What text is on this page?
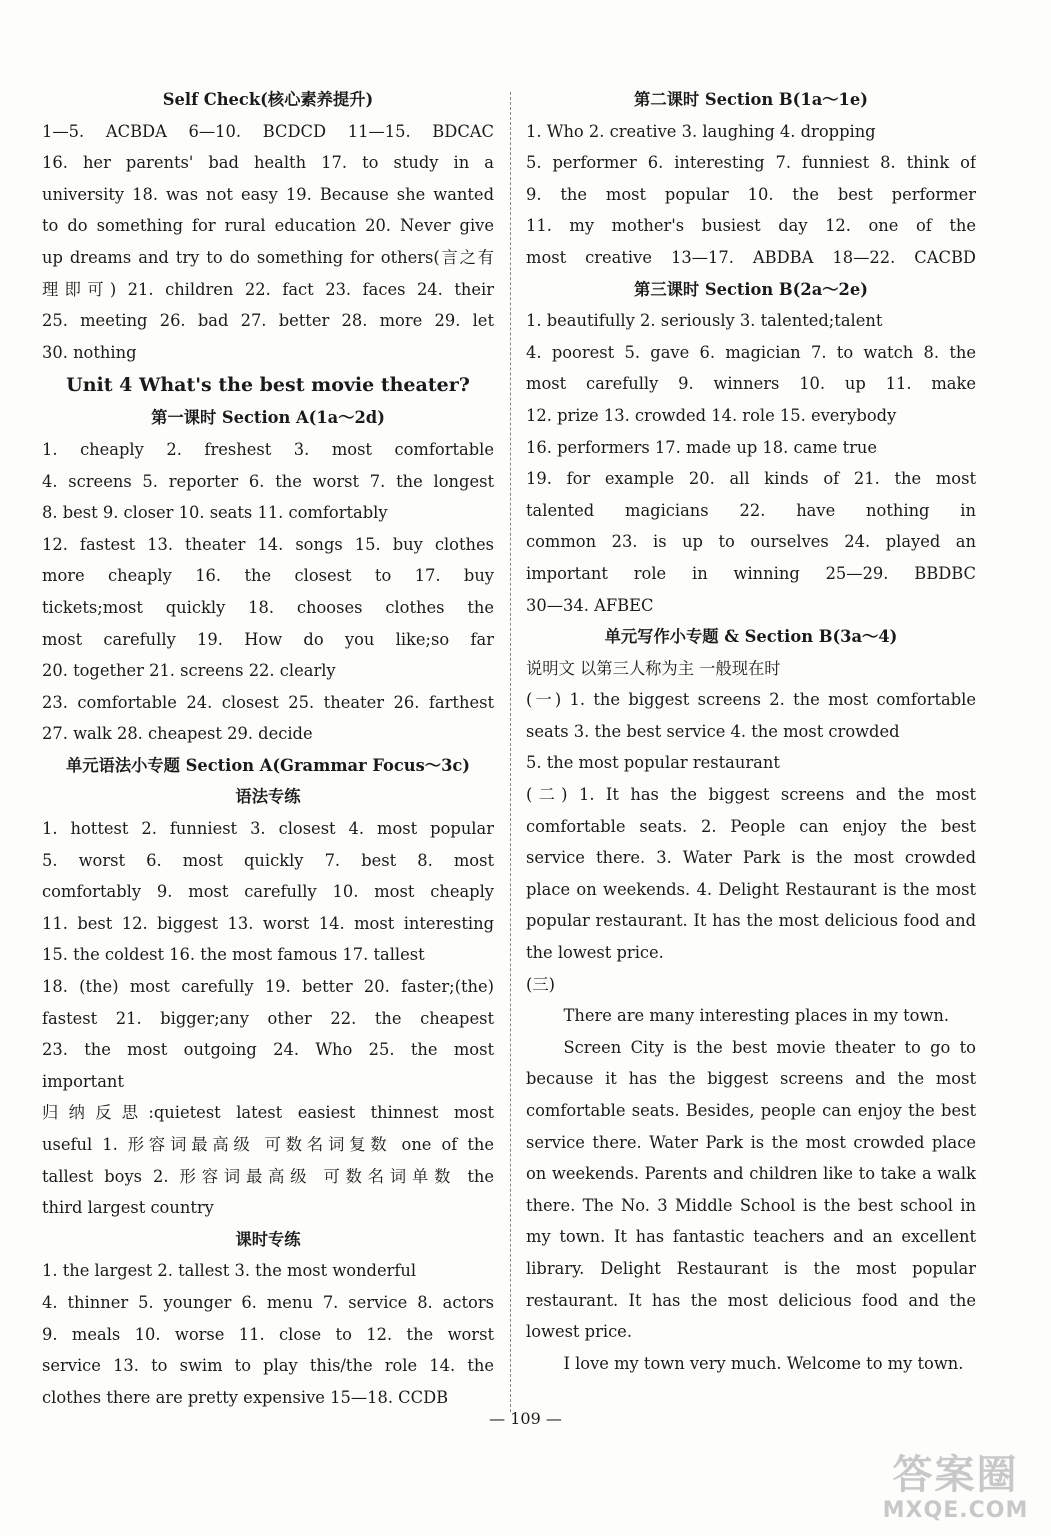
Self Check(核心素养提升)
1—5. ACBDA 6—10. BCDCD 11—15. BDCAC
16. her parents' bad health 17. to study in a
university 18. was not easy 19. Because she wanted
to do something for rural education 20. Never give
up dreams and try to do something for others(言之有
理即可) 21. children 22. fact 23. faces 24. their
25. meeting 26. bad 27. better 28. more 29. let
30. nothing
Unit 4 What's the best movie theater?
第一课时 Section A(1a～2d)
1. cheaply 2. freshest 3. most comfortable
4. screens 5. reporter 6. the worst 7. the longest
8. best 9. closer 10. seats 11. comfortably
12. fastest 13. theater 14. songs 15. buy clothes
more cheaply 16. the closest to 17. buy
tickets;most quickly 18. chooses clothes the
most carefully 19. How do you like;so far
20. together 21. screens 22. clearly
23. comfortable 24. closest 25. theater 26. farthest
27. walk 28. cheapest 29. decide
单元语法小专题 Section A(Grammar Focus～3c)
语法专练
1. hottest 2. funniest 3. closest 4. most popular
5. worst 6. most quickly 7. best 8. most
comfortably 9. most carefully 10. most cheaply
11. best 12. biggest 13. worst 14. most interesting
15. the coldest 16. the most famous 17. tallest
18. (the) most carefully 19. better 20. faster;(the)
fastest 21. bigger;any other 22. the cheapest
23. the most outgoing 24. Who 25. the most
important
归纳反思:quietest latest easiest thinnest most
useful 1. 形容词最高级 可数名词复数 one of the
tallest boys 2. 形容词最高级 可数名词单数 the
third largest country
课时专练
1. the largest 2. tallest 3. the most wonderful
4. thinner 5. younger 6. menu 7. service 8. actors
9. meals 10. worse 11. close to 12. the worst
service 13. to swim to play this/the role 14. the
clothes there are pretty expensive 15—18. CCDB
第二课时 Section B(1a～1e)
1. Who 2. creative 3. laughing 4. dropping
5. performer 6. interesting 7. funniest 8. think of
9. the most popular 10. the best performer
11. my mother's busiest day 12. one of the
most creative 13—17. ABDBA 18—22. CACBD
第三课时 Section B(2a～2e)
1. beautifully 2. seriously 3. talented;talent
4. poorest 5. gave 6. magician 7. to watch 8. the
most carefully 9. winners 10. up 11. make
12. prize 13. crowded 14. role 15. everybody
16. performers 17. made up 18. came true
19. for example 20. all kinds of 21. the most
talented magicians 22. have nothing in
common 23. is up to ourselves 24. played an
important role in winning 25—29. BBDBC
30—34. AFBEC
单元写作小专题 & Section B(3a～4)
说明文 以第三人称为主 一般现在时
(一) 1. the biggest screens 2. the most comfortable
seats 3. the best service 4. the most crowded
5. the most popular restaurant
(二) 1. It has the biggest screens and the most comfortable seats. 2. People can enjoy the best service there. 3. Water Park is the most crowded place on weekends. 4. Delight Restaurant is the most popular restaurant. It has the most delicious food and the lowest price.
(三)
There are many interesting places in my town.
Screen City is the best movie theater to go to because it has the biggest screens and the most comfortable seats. Besides, people can enjoy the best service there. Water Park is the most crowded place on weekends. Parents and children like to take a walk there. The No. 3 Middle School is the best school in my town. It has fantastic teachers and an excellent library. Delight Restaurant is the most popular restaurant. It has the most delicious food and the lowest price.
I love my town very much. Welcome to my town.
— 109 —
答案圈
MXQE.COM
